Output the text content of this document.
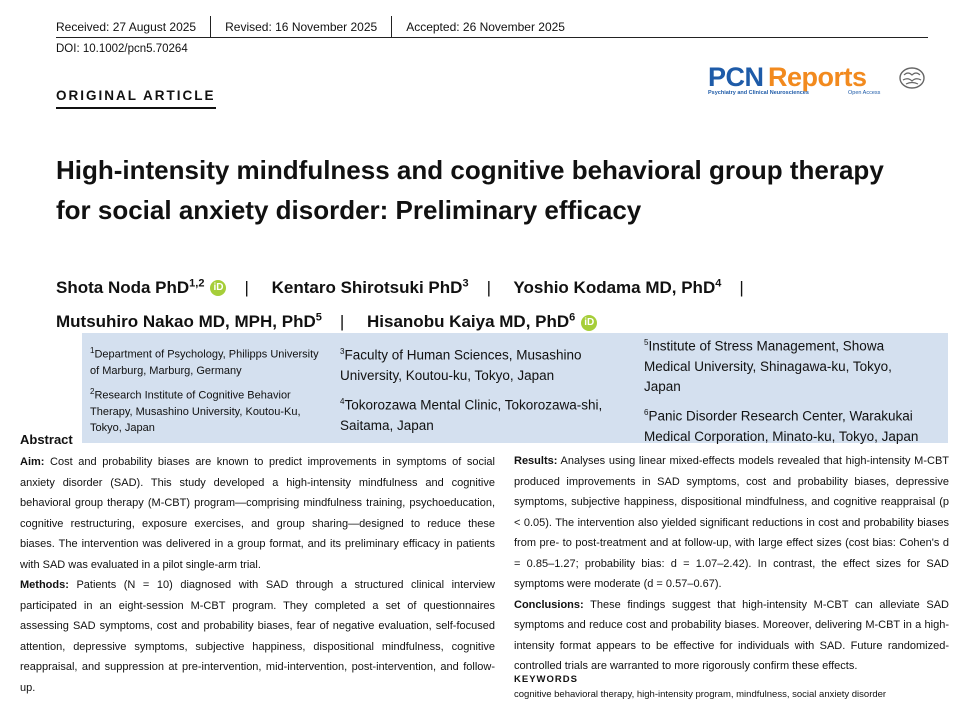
Received: 27 August 2025 Revised: 16 November 2025 Accepted: 26 November 2025
DOI: 10.1002/pcn5.70264
ORIGINAL ARTICLE
PCN Reports
Psychiatry and Clinical Neurosciences	Open Access
High-intensity mindfulness and cognitive behavioral group therapy for social anxiety disorder: Preliminary efficacy
Shota Noda PhD$^{1,2}$ iD | Kentaro Shirotsuki PhD$^3$ | Yoshio Kodama MD, PhD$^4$ |
Mutsuhiro Nakao MD, MPH, PhD$^5$ | Hisanobu Kaiya MD, PhD$^6$ iD
$^1$Department of Psychology, Philipps University of Marburg, Marburg, Germany
$^2$Research Institute of Cognitive Behavior Therapy, Musashino University, Koutou-Ku, Tokyo, Japan
$^3$Faculty of Human Sciences, Musashino University, Koutou-ku, Tokyo, Japan
$^4$Tokorozawa Mental Clinic, Tokorozawa-shi, Saitama, Japan
$^5$Institute of Stress Management, Showa Medical University, Shinagawa-ku, Tokyo, Japan
$^6$Panic Disorder Research Center, Warakukai Medical Corporation, Minato-ku, Tokyo, Japan
Abstract
Aim: Cost and probability biases are known to predict improvements in symptoms of social anxiety disorder (SAD). This study developed a high-intensity mindfulness and cognitive behavioral group therapy (M-CBT) program—comprising mindfulness training, psychoeducation, cognitive restructuring, exposure exercises, and group sharing—designed to reduce these biases. The intervention was delivered in a group format, and its preliminary efficacy in patients with SAD was evaluated in a pilot single-arm trial.
Methods: Patients (N = 10) diagnosed with SAD through a structured clinical interview participated in an eight-session M-CBT program. They completed a set of questionnaires assessing SAD symptoms, cost and probability biases, fear of negative evaluation, self-focused attention, depressive symptoms, subjective happiness, dispositional mindfulness, cognitive reappraisal, and suppression at pre-intervention, mid-intervention, post-intervention, and follow-up.
Results: Analyses using linear mixed-effects models revealed that high-intensity M-CBT produced improvements in SAD symptoms, cost and probability biases, depressive symptoms, subjective happiness, dispositional mindfulness, and cognitive reappraisal (p < 0.05). The intervention also yielded significant reductions in cost and probability biases from pre- to post-treatment and at follow-up, with large effect sizes (cost bias: Cohen's d = 0.85–1.27; probability bias: d = 1.07–2.42). In contrast, the effect sizes for SAD symptoms were moderate (d = 0.57–0.67).
Conclusions: These findings suggest that high-intensity M-CBT can alleviate SAD symptoms and reduce cost and probability biases. Moreover, delivering M-CBT in a high-intensity format appears to be effective for individuals with SAD. Future randomized-controlled trials are warranted to more rigorously confirm these effects.
KEYWORDS
cognitive behavioral therapy, high-intensity program, mindfulness, social anxiety disorder
